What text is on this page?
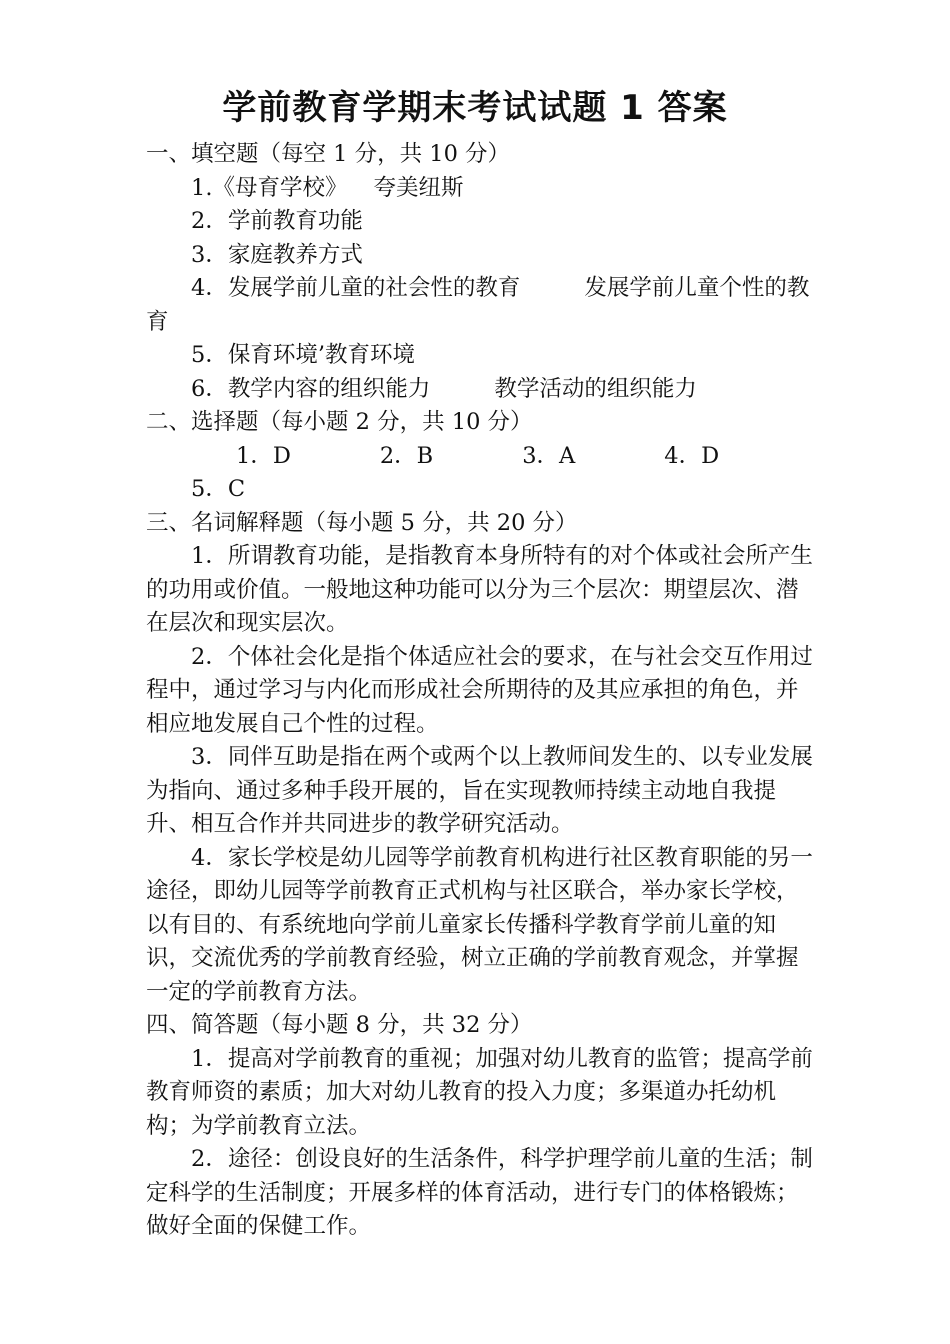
学前教育学期末考试试题 1 答案

一、填空题（每空 1 分，共 10 分）

1.《母育学校》 夸美纽斯

2．学前教育功能

3．家庭教养方式

4．发展学前儿童的社会性的教育	发展学前儿童个性的教育

5．保育环境’教育环境

6．教学内容的组织能力	教学活动的组织能力

二、选择题（每小题 2 分，共 10 分）

1．D	2．B	3．A	4．D5．C

三、名词解释题（每小题 5 分，共 20 分）

1．所谓教育功能，是指教育本身所特有的对个体或社会所产生的功用或价值。一般地这种功能可以分为三个层次：期望层次、潜在层次和现实层次。

2．个体社会化是指个体适应社会的要求，在与社会交互作用过程中，通过学习与内化而形成社会所期待的及其应承担的角色，并相应地发展自己个性的过程。

3．同伴互助是指在两个或两个以上教师间发生的、以专业发展为指向、通过多种手段开展的，旨在实现教师持续主动地自我提升、相互合作并共同进步的教学研究活动。

4．家长学校是幼儿园等学前教育机构进行社区教育职能的另一途径，即幼儿园等学前教育正式机构与社区联合，举办家长学校，以有目的、有系统地向学前儿童家长传播科学教育学前儿童的知识，交流优秀的学前教育经验，树立正确的学前教育观念，并掌握一定的学前教育方法。

四、简答题（每小题 8 分，共 32 分）

1．提高对学前教育的重视；加强对幼儿教育的监管；提高学前教育师资的素质；加大对幼儿教育的投入力度；多渠道办托幼机构；为学前教育立法。

2．途径：创设良好的生活条件，科学护理学前儿童的生活；制定科学的生活制度；开展多样的体育活动，进行专门的体格锻炼；做好全面的保健工作。
